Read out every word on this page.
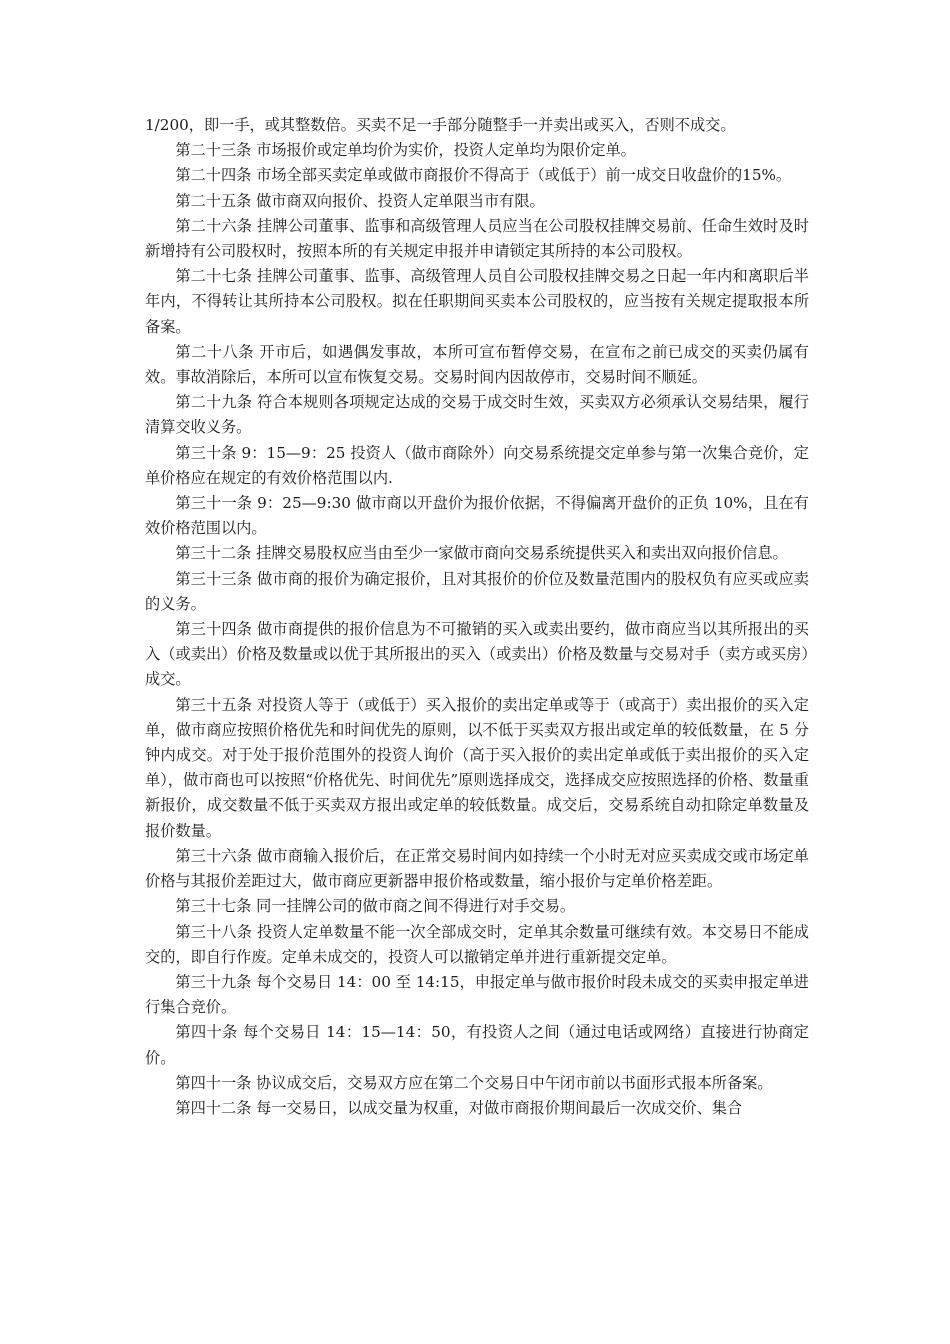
1/200，即一手，或其整数倍。买卖不足一手部分随整手一并卖出或买入，否则不成交。

第二十三条 市场报价或定单均价为实价，投资人定单均为限价定单。

第二十四条 市场全部买卖定单或做市商报价不得高于（或低于）前一成交日收盘价的15%。

第二十五条 做市商双向报价、投资人定单限当市有限。

第二十六条 挂牌公司董事、监事和高级管理人员应当在公司股权挂牌交易前、任命生效时及时新增持有公司股权时，按照本所的有关规定申报并申请锁定其所持的本公司股权。

第二十七条 挂牌公司董事、监事、高级管理人员自公司股权挂牌交易之日起一年内和离职后半年内，不得转让其所持本公司股权。拟在任职期间买卖本公司股权的，应当按有关规定提取报本所备案。

第二十八条 开市后，如遇偶发事故，本所可宣布暂停交易，在宣布之前已成交的买卖仍属有效。事故消除后，本所可以宣布恢复交易。交易时间内因故停市，交易时间不顺延。

第二十九条 符合本规则各项规定达成的交易于成交时生效，买卖双方必须承认交易结果，履行清算交收义务。

第三十条 9：15—9：25 投资人（做市商除外）向交易系统提交定单参与第一次集合竞价，定单价格应在规定的有效价格范围以内.

第三十一条 9：25—9:30 做市商以开盘价为报价依据，不得偏离开盘价的正负 10%，且在有效价格范围以内。

第三十二条 挂牌交易股权应当由至少一家做市商向交易系统提供买入和卖出双向报价信息。

第三十三条 做市商的报价为确定报价，且对其报价的价位及数量范围内的股权负有应买或应卖的义务。

第三十四条 做市商提供的报价信息为不可撤销的买入或卖出要约，做市商应当以其所报出的买入（或卖出）价格及数量或以优于其所报出的买入（或卖出）价格及数量与交易对手（卖方或买房）成交。

第三十五条 对投资人等于（或低于）买入报价的卖出定单或等于（或高于）卖出报价的买入定单，做市商应按照价格优先和时间优先的原则，以不低于买卖双方报出或定单的较低数量，在 5 分钟内成交。对于处于报价范围外的投资人询价（高于买入报价的卖出定单或低于卖出报价的买入定单），做市商也可以按照“价格优先、时间优先”原则选择成交，选择成交应按照选择的价格、数量重新报价，成交数量不低于买卖双方报出或定单的较低数量。成交后，交易系统自动扣除定单数量及报价数量。

第三十六条 做市商输入报价后，在正常交易时间内如持续一个小时无对应买卖成交或市场定单价格与其报价差距过大，做市商应更新器申报价格或数量，缩小报价与定单价格差距。

第三十七条 同一挂牌公司的做市商之间不得进行对手交易。

第三十八条 投资人定单数量不能一次全部成交时，定单其余数量可继续有效。本交易日不能成交的，即自行作废。定单未成交的，投资人可以撤销定单并进行重新提交定单。

第三十九条 每个交易日 14：00 至 14:15，申报定单与做市报价时段未成交的买卖申报定单进行集合竞价。

第四十条 每个交易日 14：15—14：50，有投资人之间（通过电话或网络）直接进行协商定价。

第四十一条 协议成交后，交易双方应在第二个交易日中午闭市前以书面形式报本所备案。

第四十二条 每一交易日，以成交量为权重，对做市商报价期间最后一次成交价、集合
